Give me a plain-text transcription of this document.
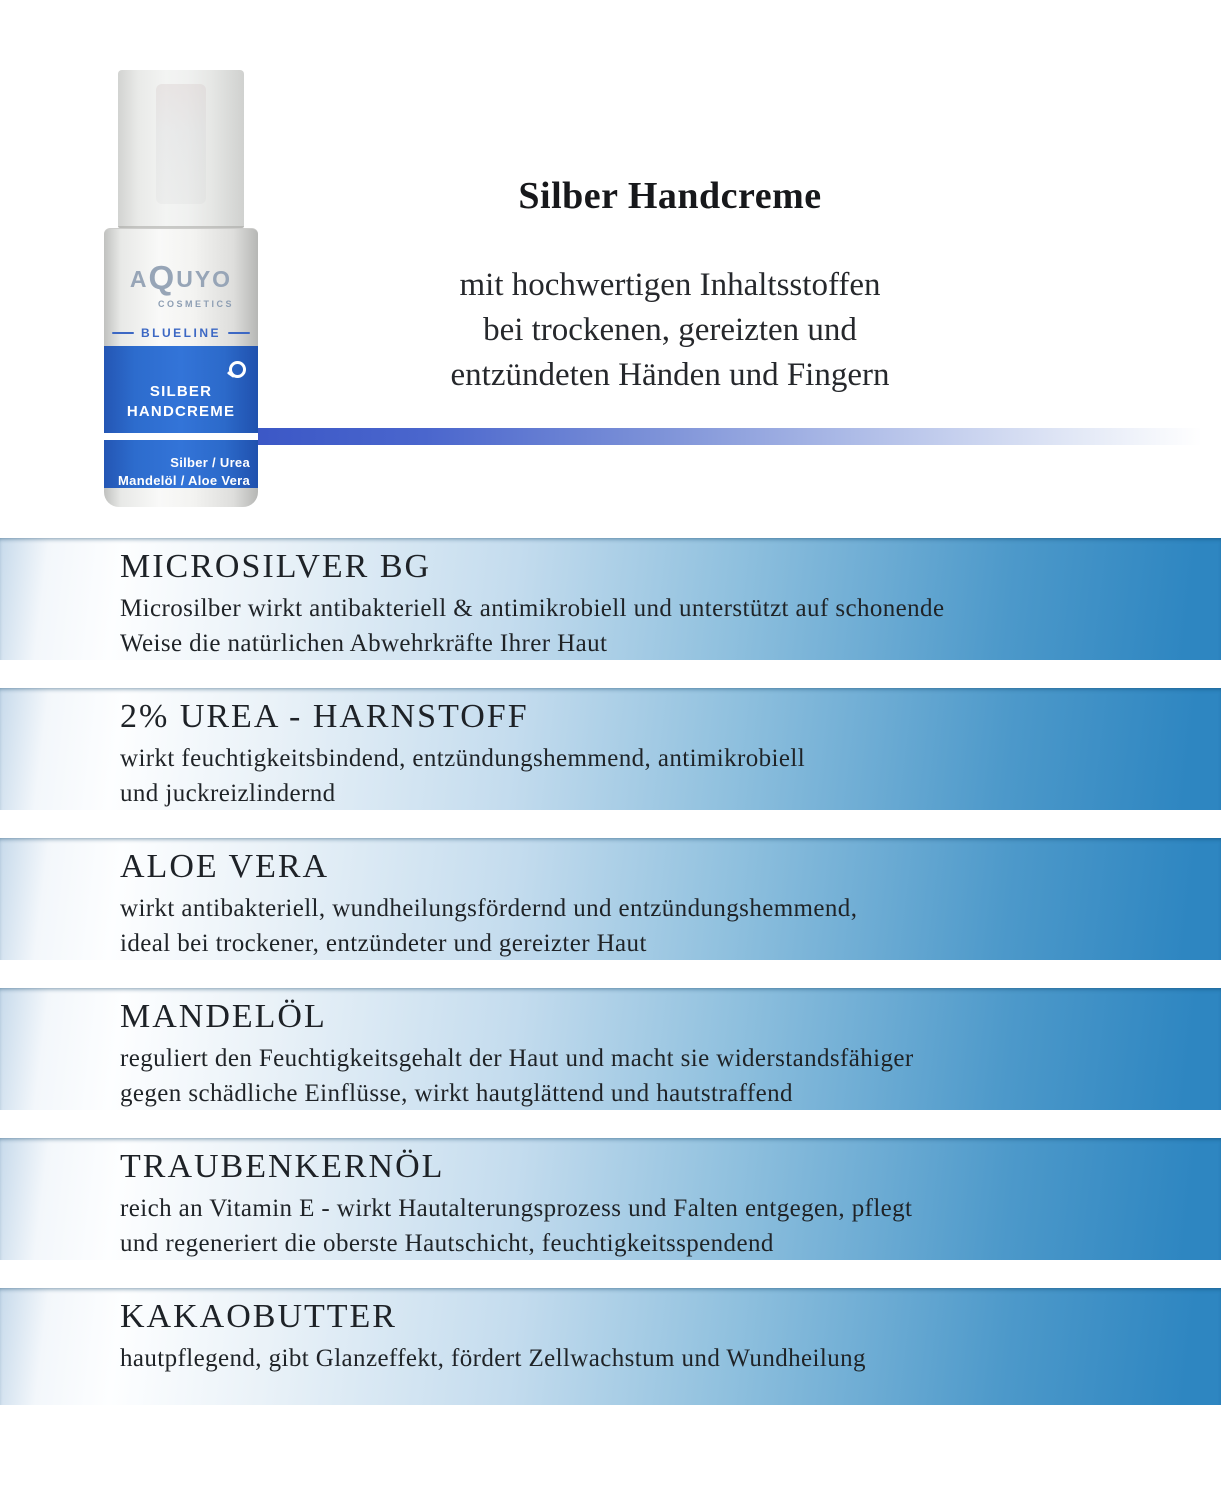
Silber Handcreme
mit hochwertigen Inhaltsstoffen
bei trockenen, gereizten und
entzündeten Händen und Fingern
AQUYO
COSMETICS
BLUELINE
SILBER
HANDCREME
Silber / Urea
Mandelöl / Aloe Vera
MICROSILVER BG
Microsilber wirkt antibakteriell & antimikrobiell und unterstützt auf schonende
Weise die natürlichen Abwehrkräfte Ihrer Haut
2% UREA - HARNSTOFF
wirkt feuchtigkeitsbindend, entzündungshemmend, antimikrobiell
und juckreizlindernd
ALOE VERA
wirkt antibakteriell, wundheilungsfördernd und entzündungshemmend,
ideal bei trockener, entzündeter und gereizter Haut
MANDELÖL
reguliert den Feuchtigkeitsgehalt der Haut und macht sie widerstandsfähiger
gegen schädliche Einflüsse, wirkt hautglättend und hautstraffend
TRAUBENKERNÖL
reich an Vitamin E - wirkt Hautalterungsprozess und Falten entgegen, pflegt
und regeneriert die oberste Hautschicht, feuchtigkeitsspendend
KAKAOBUTTER
hautpflegend, gibt Glanzeffekt, fördert Zellwachstum und Wundheilung
